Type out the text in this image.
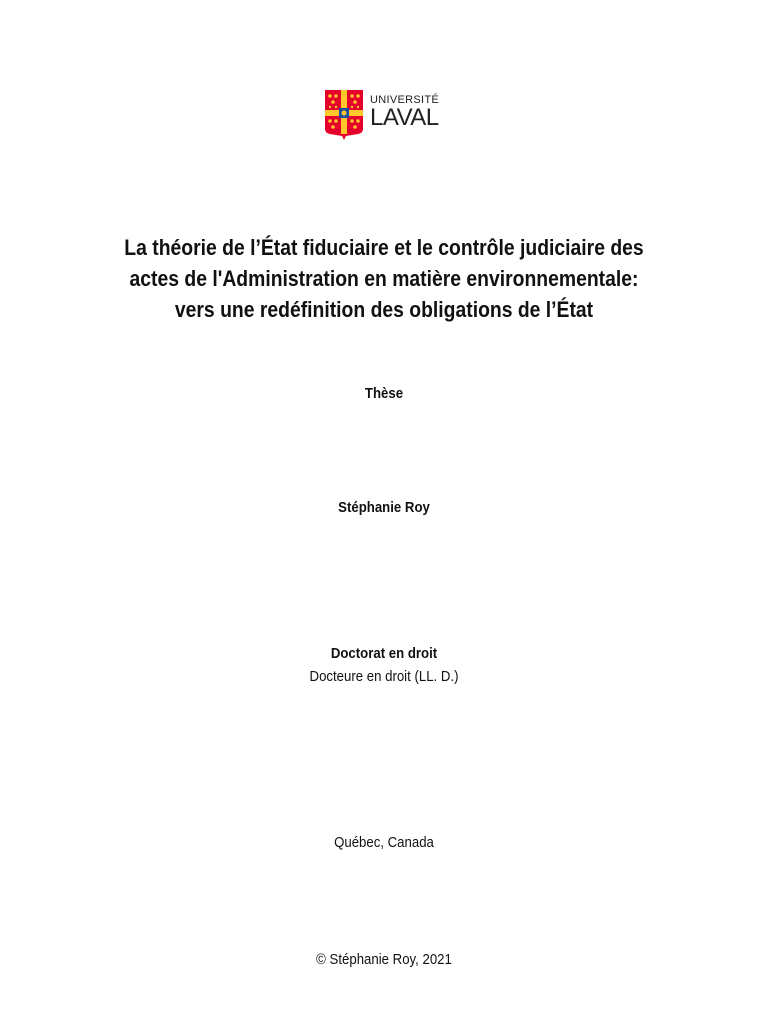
UNIVERSITÉ
LAVAL
La théorie de l’État fiduciaire et le contrôle judiciaire des
actes de l'Administration en matière environnementale:
vers une redéfinition des obligations de l’État
Thèse
Stéphanie Roy
Doctorat en droit
Docteure en droit (LL. D.)
Québec, Canada
© Stéphanie Roy, 2021
